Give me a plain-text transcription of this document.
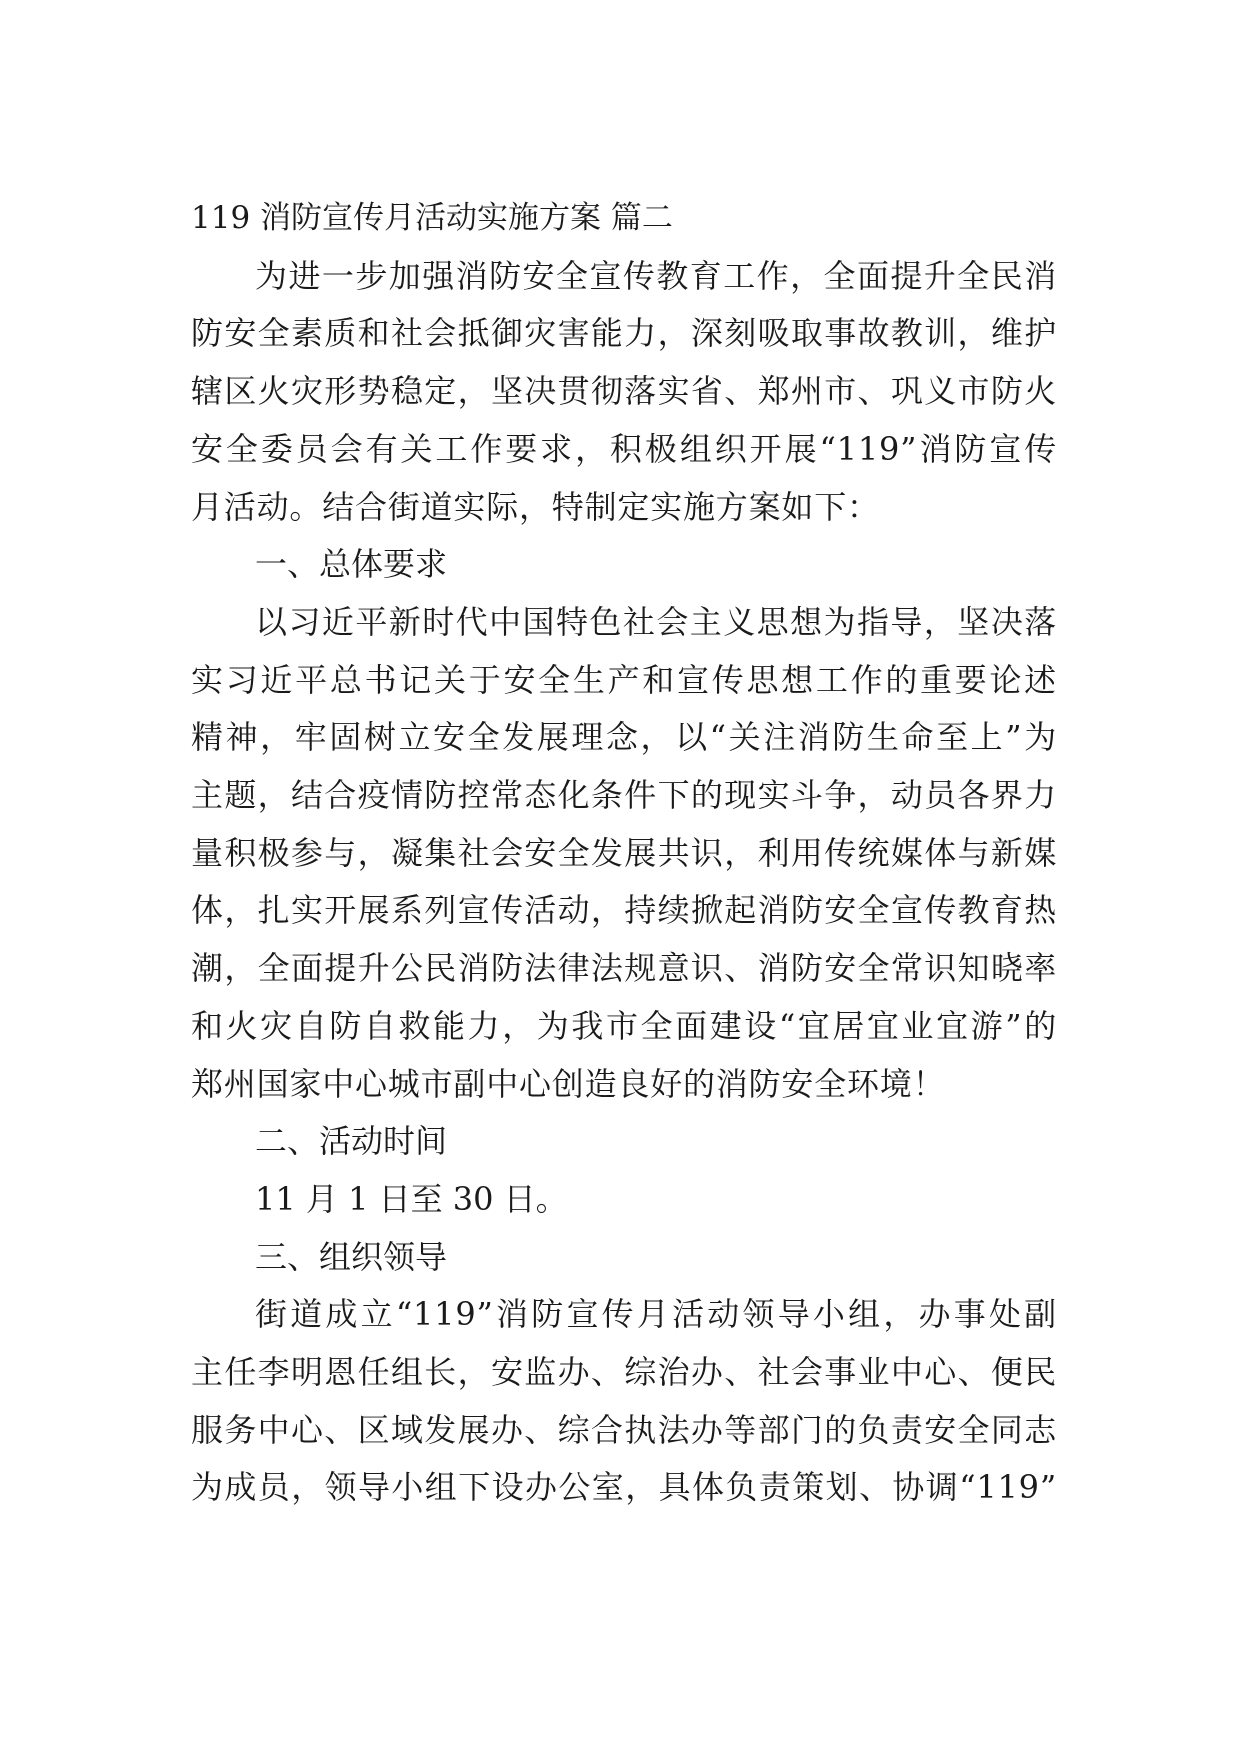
119 消防宣传月活动实施方案 篇二
为进一步加强消防安全宣传教育工作，全面提升全民消
防安全素质和社会抵御灾害能力，深刻吸取事故教训，维护
辖区火灾形势稳定，坚决贯彻落实省、郑州市、巩义市防火
安全委员会有关工作要求，积极组织开展“119”消防宣传
月活动。结合街道实际，特制定实施方案如下：

一、总体要求

以习近平新时代中国特色社会主义思想为指导，坚决落
实习近平总书记关于安全生产和宣传思想工作的重要论述
精神，牢固树立安全发展理念，以“关注消防生命至上”为
主题，结合疫情防控常态化条件下的现实斗争，动员各界力
量积极参与，凝集社会安全发展共识，利用传统媒体与新媒
体，扎实开展系列宣传活动，持续掀起消防安全宣传教育热
潮，全面提升公民消防法律法规意识、消防安全常识知晓率
和火灾自防自救能力，为我市全面建设“宜居宜业宜游”的
郑州国家中心城市副中心创造良好的消防安全环境！

二、活动时间

11 月 1 日至 30 日。

三、组织领导

街道成立“119”消防宣传月活动领导小组，办事处副
主任李明恩任组长，安监办、综治办、社会事业中心、便民
服务中心、区域发展办、综合执法办等部门的负责安全同志
为成员，领导小组下设办公室，具体负责策划、协调“119”
